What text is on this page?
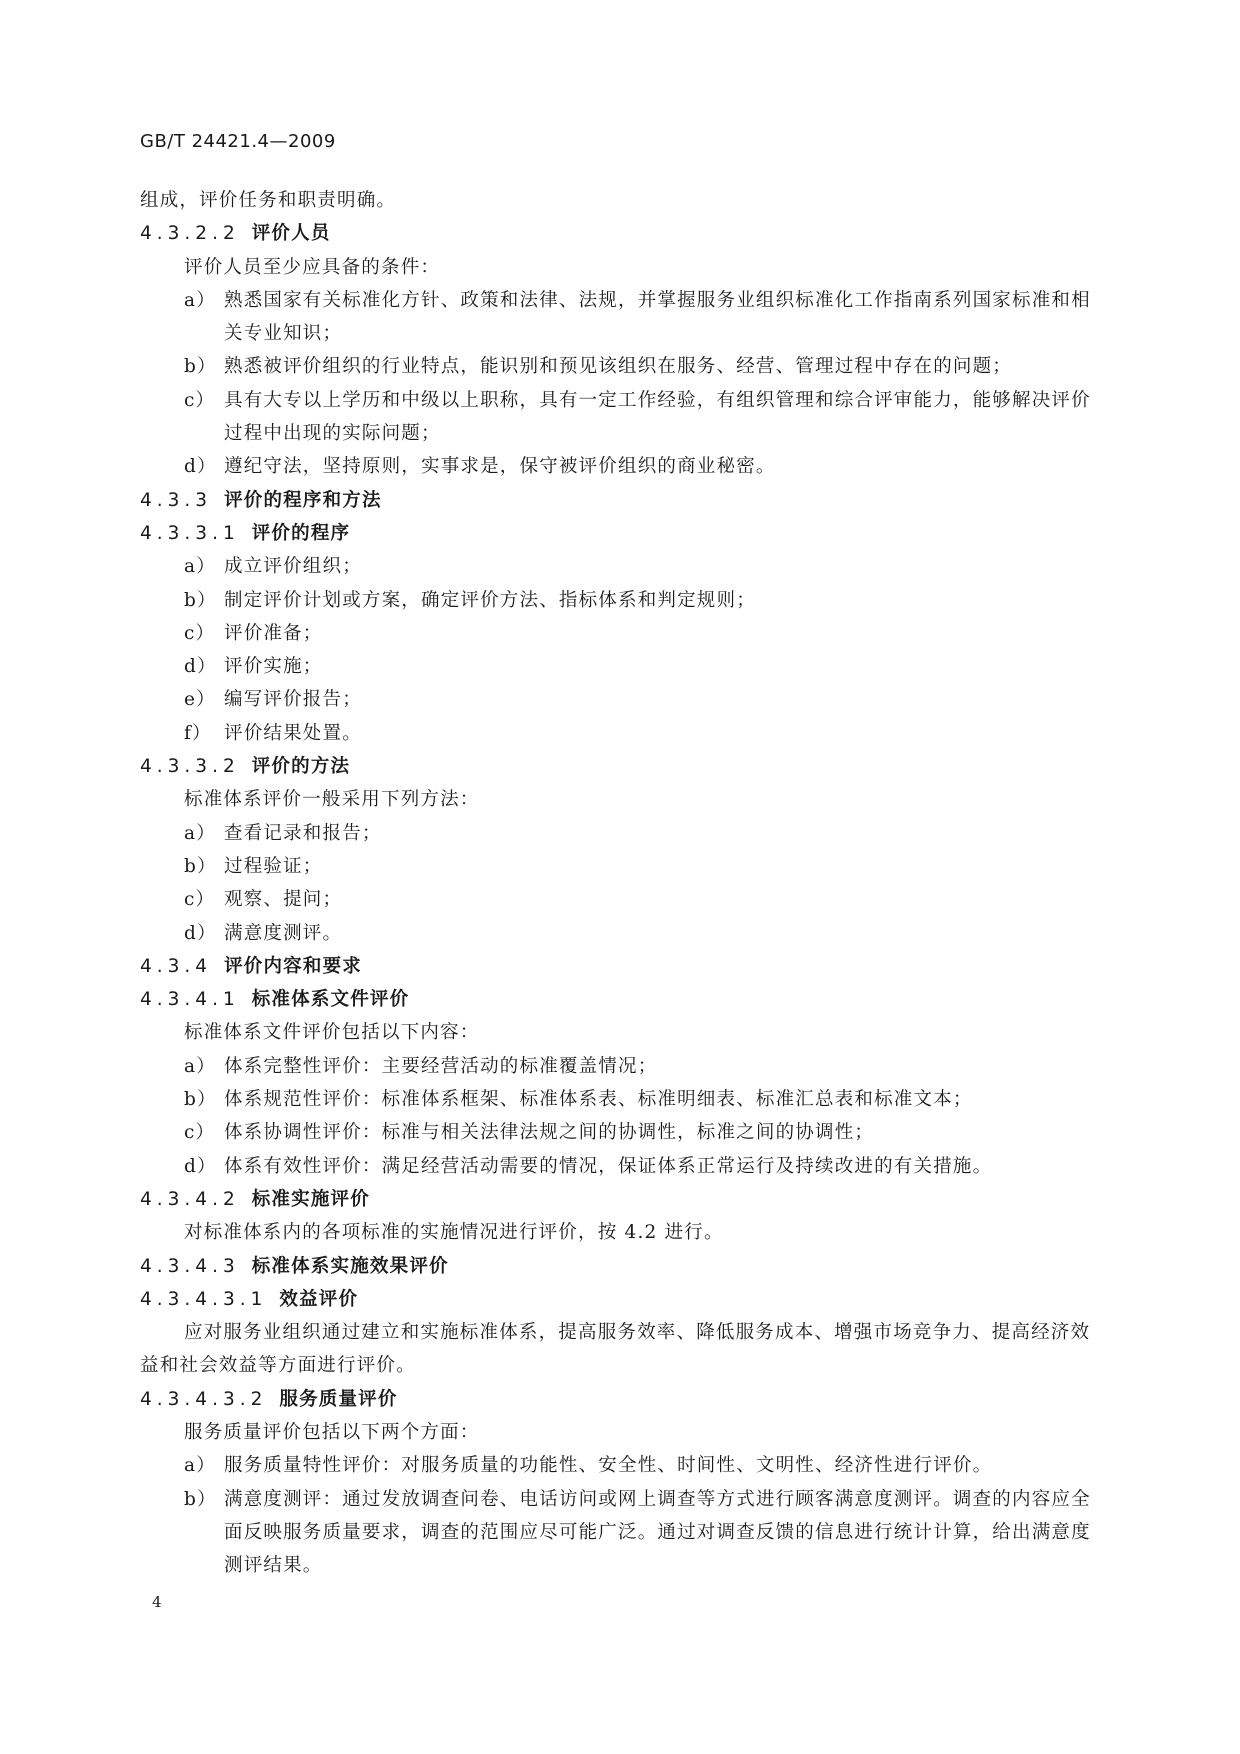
GB/T 24421.4—2009
组成，评价任务和职责明确。
4.3.2.2 评价人员
评价人员至少应具备的条件：
a） 熟悉国家有关标准化方针、政策和法律、法规，并掌握服务业组织标准化工作指南系列国家标准和相关专业知识；
b） 熟悉被评价组织的行业特点，能识别和预见该组织在服务、经营、管理过程中存在的问题；
c） 具有大专以上学历和中级以上职称，具有一定工作经验，有组织管理和综合评审能力，能够解决评价过程中出现的实际问题；
d） 遵纪守法，坚持原则，实事求是，保守被评价组织的商业秘密。
4.3.3 评价的程序和方法
4.3.3.1 评价的程序
a） 成立评价组织；
b） 制定评价计划或方案，确定评价方法、指标体系和判定规则；
c） 评价准备；
d） 评价实施；
e） 编写评价报告；
f） 评价结果处置。
4.3.3.2 评价的方法
标准体系评价一般采用下列方法：
a） 查看记录和报告；
b） 过程验证；
c） 观察、提问；
d） 满意度测评。
4.3.4 评价内容和要求
4.3.4.1 标准体系文件评价
标准体系文件评价包括以下内容：
a） 体系完整性评价：主要经营活动的标准覆盖情况；
b） 体系规范性评价：标准体系框架、标准体系表、标准明细表、标准汇总表和标准文本；
c） 体系协调性评价：标准与相关法律法规之间的协调性，标准之间的协调性；
d） 体系有效性评价：满足经营活动需要的情况，保证体系正常运行及持续改进的有关措施。
4.3.4.2 标准实施评价
对标准体系内的各项标准的实施情况进行评价，按 4.2 进行。
4.3.4.3 标准体系实施效果评价
4.3.4.3.1 效益评价
应对服务业组织通过建立和实施标准体系，提高服务效率、降低服务成本、增强市场竞争力、提高经济效益和社会效益等方面进行评价。
4.3.4.3.2 服务质量评价
服务质量评价包括以下两个方面：
a） 服务质量特性评价：对服务质量的功能性、安全性、时间性、文明性、经济性进行评价。
b） 满意度测评：通过发放调查问卷、电话访问或网上调查等方式进行顾客满意度测评。调查的内容应全面反映服务质量要求，调查的范围应尽可能广泛。通过对调查反馈的信息进行统计计算，给出满意度测评结果。
4
